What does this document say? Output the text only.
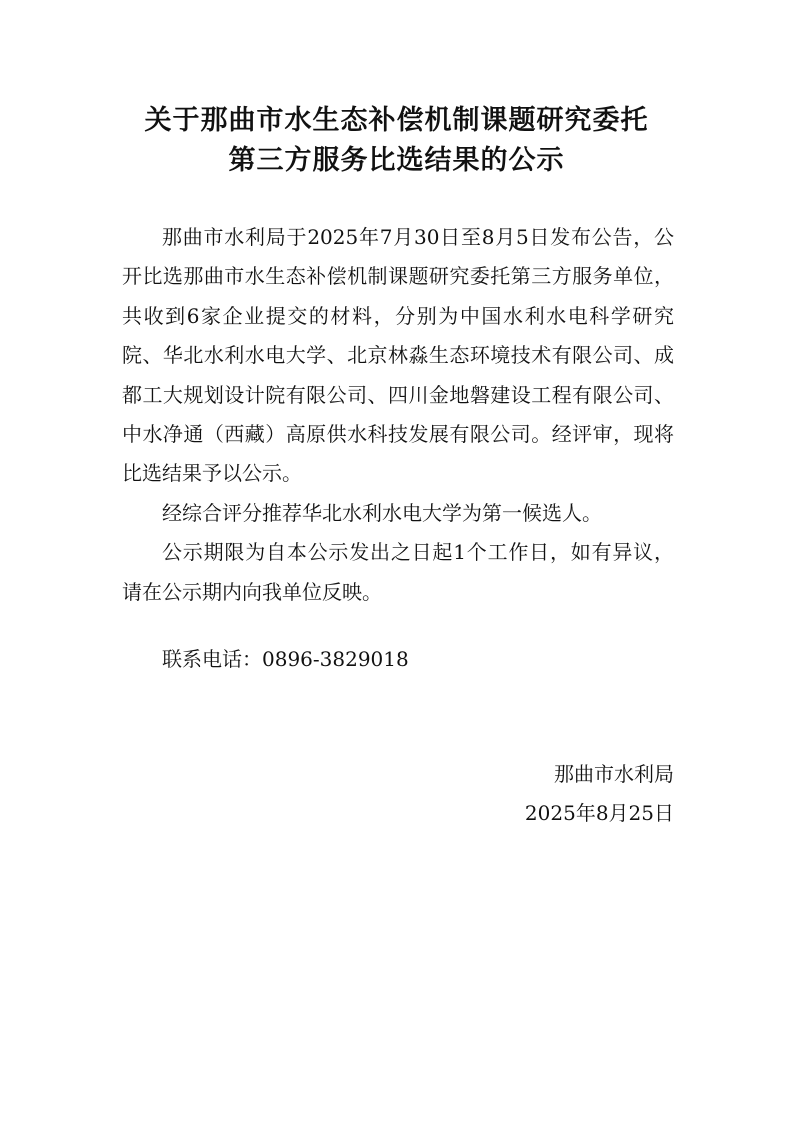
关于那曲市水生态补偿机制课题研究委托
第三方服务比选结果的公示

那曲市水利局于2025年7月30日至8月5日发布公告，公开比选那曲市水生态补偿机制课题研究委托第三方服务单位，共收到6家企业提交的材料，分别为中国水利水电科学研究院、华北水利水电大学、北京林淼生态环境技术有限公司、成都工大规划设计院有限公司、四川金地磐建设工程有限公司、中水净通（西藏）高原供水科技发展有限公司。经评审，现将比选结果予以公示。

经综合评分推荐华北水利水电大学为第一候选人。

公示期限为自本公示发出之日起1个工作日，如有异议，请在公示期内向我单位反映。

联系电话：0896-3829018
那曲市水利局
2025年8月25日
